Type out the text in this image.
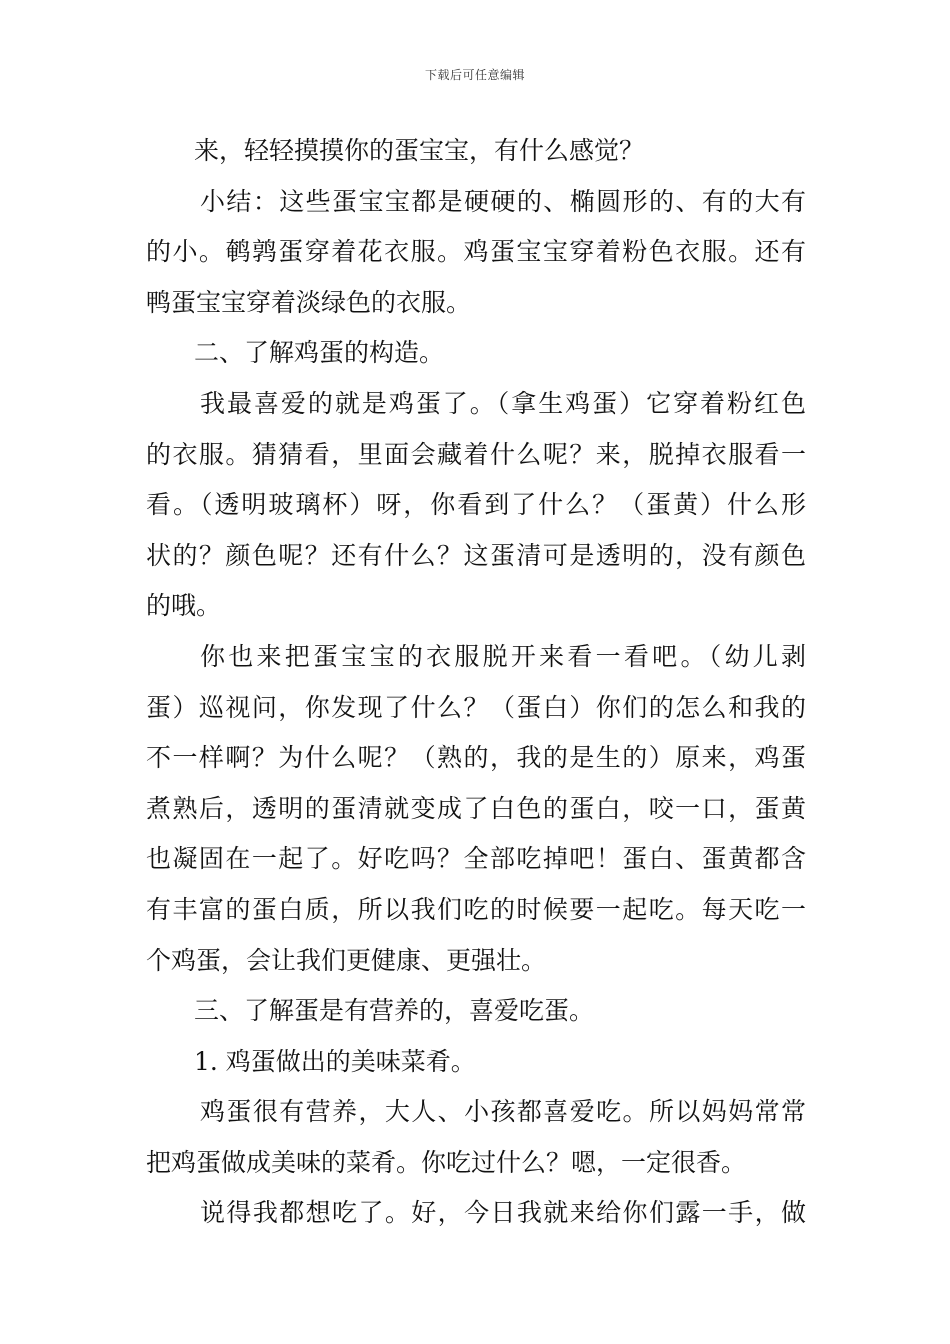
下载后可任意编辑
来，轻轻摸摸你的蛋宝宝，有什么感觉？
小结：这些蛋宝宝都是硬硬的、椭圆形的、有的大有
的小。鹌鹑蛋穿着花衣服。鸡蛋宝宝穿着粉色衣服。还有
鸭蛋宝宝穿着淡绿色的衣服。
二、了解鸡蛋的构造。
我最喜爱的就是鸡蛋了。（拿生鸡蛋）它穿着粉红色
的衣服。猜猜看，里面会藏着什么呢？来，脱掉衣服看一
看。（透明玻璃杯）呀，你看到了什么？（蛋黄）什么形
状的？颜色呢？还有什么？这蛋清可是透明的，没有颜色
的哦。
你也来把蛋宝宝的衣服脱开来看一看吧。（幼儿剥
蛋）巡视问，你发现了什么？（蛋白）你们的怎么和我的
不一样啊？为什么呢？（熟的，我的是生的）原来，鸡蛋
煮熟后，透明的蛋清就变成了白色的蛋白，咬一口，蛋黄
也凝固在一起了。好吃吗？全部吃掉吧！蛋白、蛋黄都含
有丰富的蛋白质，所以我们吃的时候要一起吃。每天吃一
个鸡蛋，会让我们更健康、更强壮。
三、了解蛋是有营养的，喜爱吃蛋。
1. 鸡蛋做出的美味菜肴。
鸡蛋很有营养，大人、小孩都喜爱吃。所以妈妈常常
把鸡蛋做成美味的菜肴。你吃过什么？嗯，一定很香。
说得我都想吃了。好，今日我就来给你们露一手，做
